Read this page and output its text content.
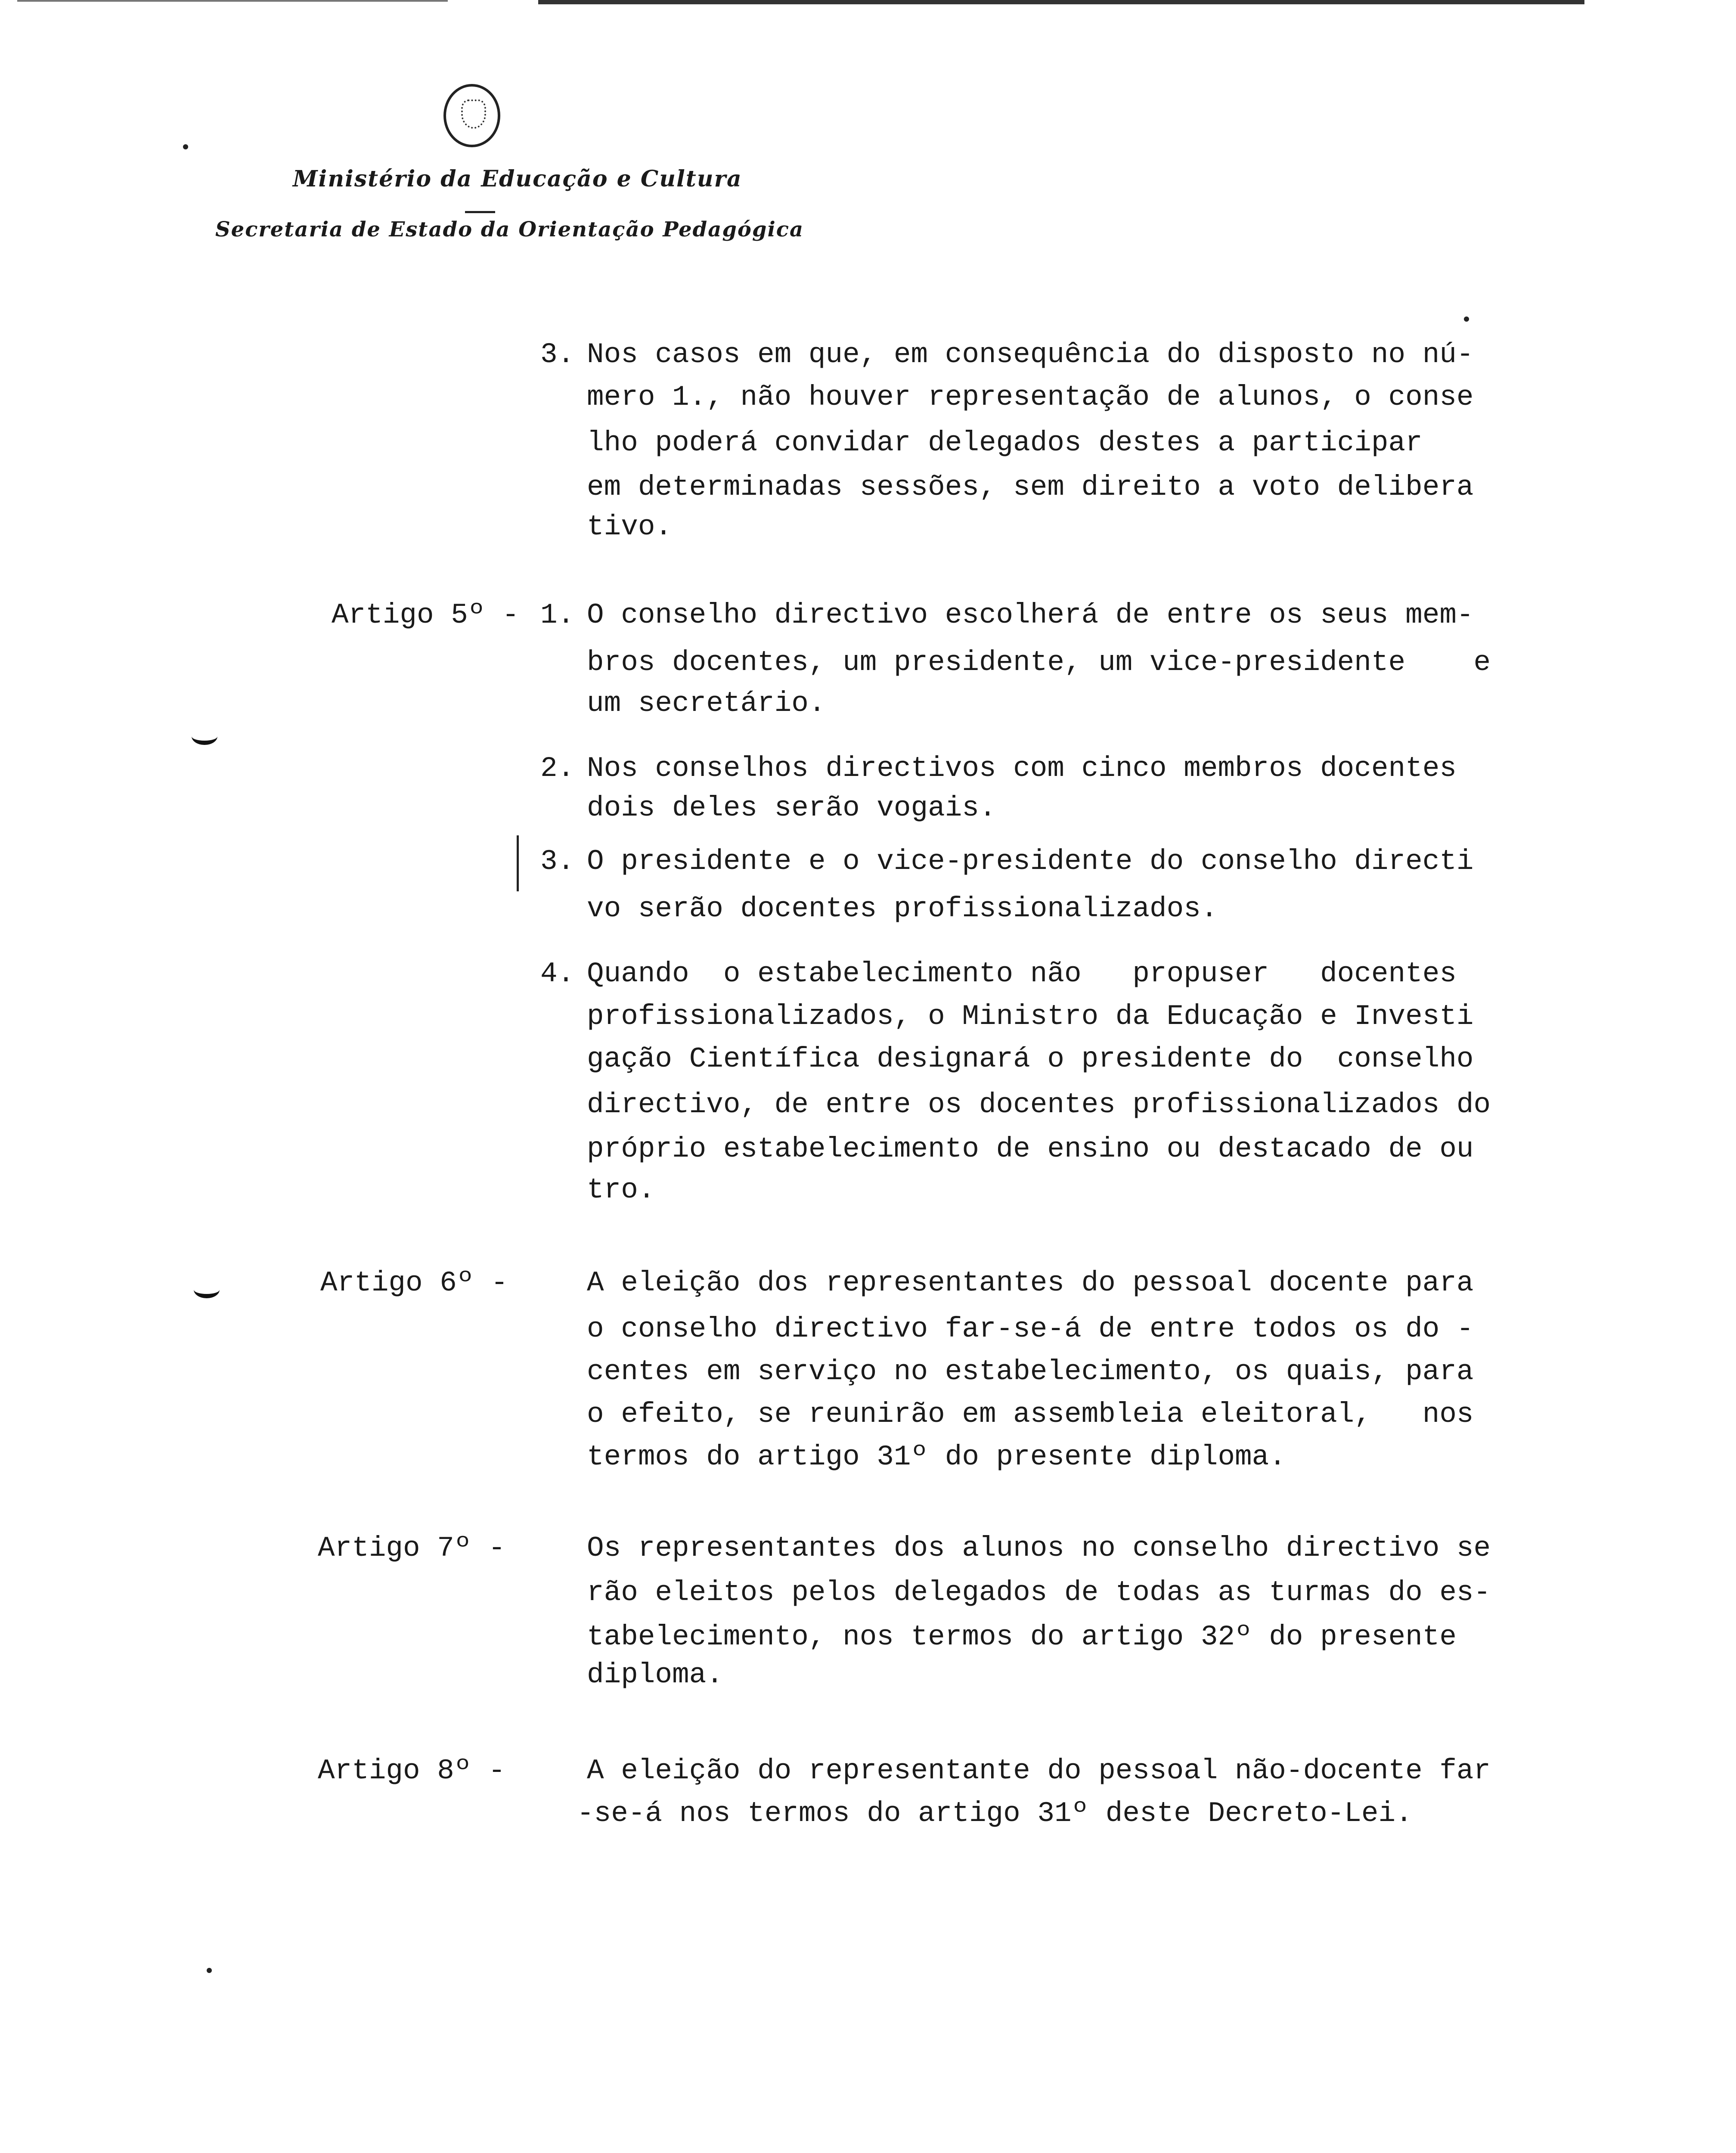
Ministério da Educação e Cultura
Secretaria de Estado da Orientação Pedagógica
3. Nos casos em que, em consequência do disposto no nú-
mero 1., não houver representação de alunos, o conse
lho poderá convidar delegados destes a participar
em determinadas sessões, sem direito a voto delibera
tivo.
Artigo 5º - 1. O conselho directivo escolherá de entre os seus mem-
bros docentes, um presidente, um vice-presidente    e
um secretário.
2. Nos conselhos directivos com cinco membros docentes
dois deles serão vogais.
3. O presidente e o vice-presidente do conselho directi
vo serão docentes profissionalizados.
4. Quando  o estabelecimento não   propuser   docentes
profissionalizados, o Ministro da Educação e Investi
gação Científica designará o presidente do  conselho
directivo, de entre os docentes profissionalizados do
próprio estabelecimento de ensino ou destacado de ou
tro.
Artigo 6º -	A eleição dos representantes do pessoal docente para
o conselho directivo far-se-á de entre todos os do -
centes em serviço no estabelecimento, os quais, para
o efeito, se reunirão em assembleia eleitoral,   nos
termos do artigo 31º do presente diploma.
Artigo 7º -	Os representantes dos alunos no conselho directivo se
rão eleitos pelos delegados de todas as turmas do es-
tabelecimento, nos termos do artigo 32º do presente
diploma.
Artigo 8º -	A eleição do representante do pessoal não-docente far
-se-á nos termos do artigo 31º deste Decreto-Lei.
